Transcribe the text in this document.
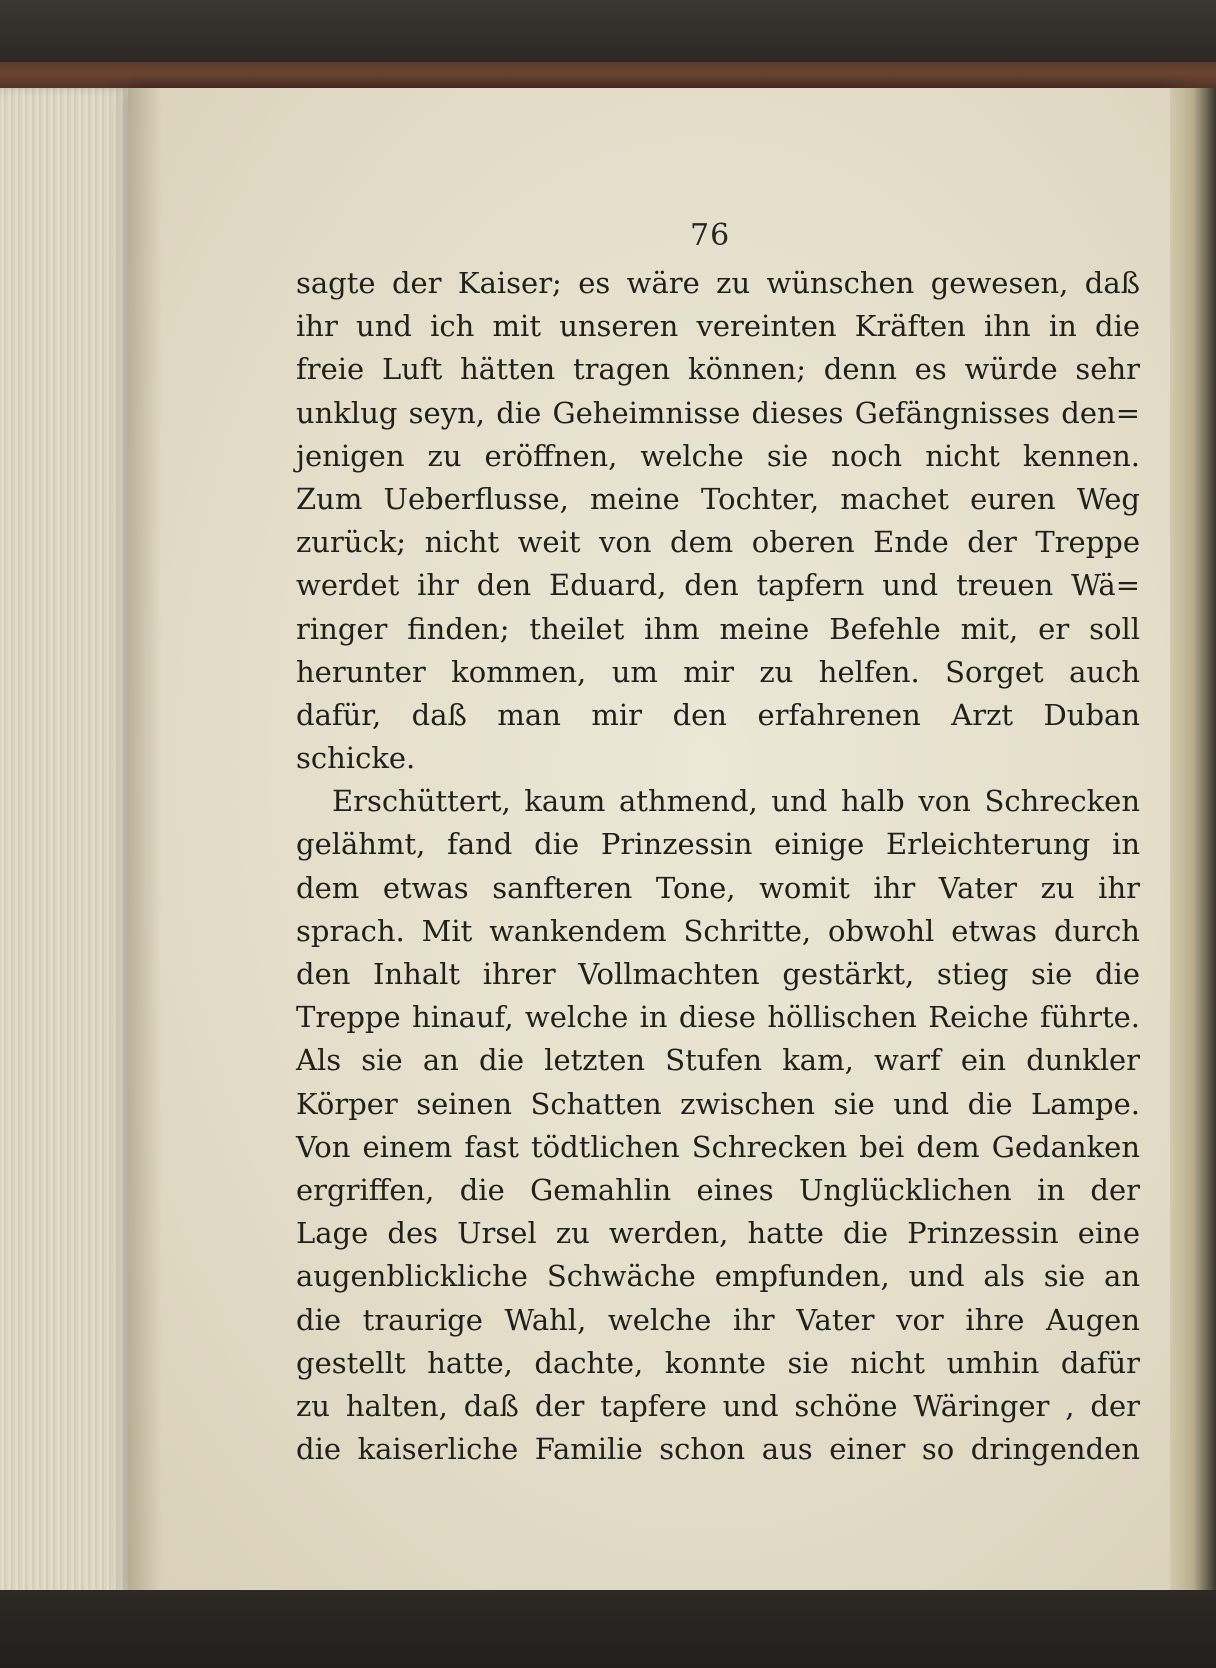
76
sagte der Kaiser; es wäre zu wünschen gewesen, daß
ihr und ich mit unseren vereinten Kräften ihn in die
freie Luft hätten tragen können; denn es würde sehr
unklug seyn, die Geheimnisse dieses Gefängnisses den=
jenigen zu eröffnen, welche sie noch nicht kennen.
Zum Ueberflusse, meine Tochter, machet euren Weg
zurück; nicht weit von dem oberen Ende der Treppe
werdet ihr den Eduard, den tapfern und treuen Wä=
ringer finden; theilet ihm meine Befehle mit, er soll
herunter kommen, um mir zu helfen. Sorget auch
dafür, daß man mir den erfahrenen Arzt Duban
schicke.
Erschüttert, kaum athmend, und halb von Schrecken
gelähmt, fand die Prinzessin einige Erleichterung in
dem etwas sanfteren Tone, womit ihr Vater zu ihr
sprach. Mit wankendem Schritte, obwohl etwas durch
den Inhalt ihrer Vollmachten gestärkt, stieg sie die
Treppe hinauf, welche in diese höllischen Reiche führte.
Als sie an die letzten Stufen kam, warf ein dunkler
Körper seinen Schatten zwischen sie und die Lampe.
Von einem fast tödtlichen Schrecken bei dem Gedanken
ergriffen, die Gemahlin eines Unglücklichen in der
Lage des Ursel zu werden, hatte die Prinzessin eine
augenblickliche Schwäche empfunden, und als sie an
die traurige Wahl, welche ihr Vater vor ihre Augen
gestellt hatte, dachte, konnte sie nicht umhin dafür
zu halten, daß der tapfere und schöne Wäringer , der
die kaiserliche Familie schon aus einer so dringenden
